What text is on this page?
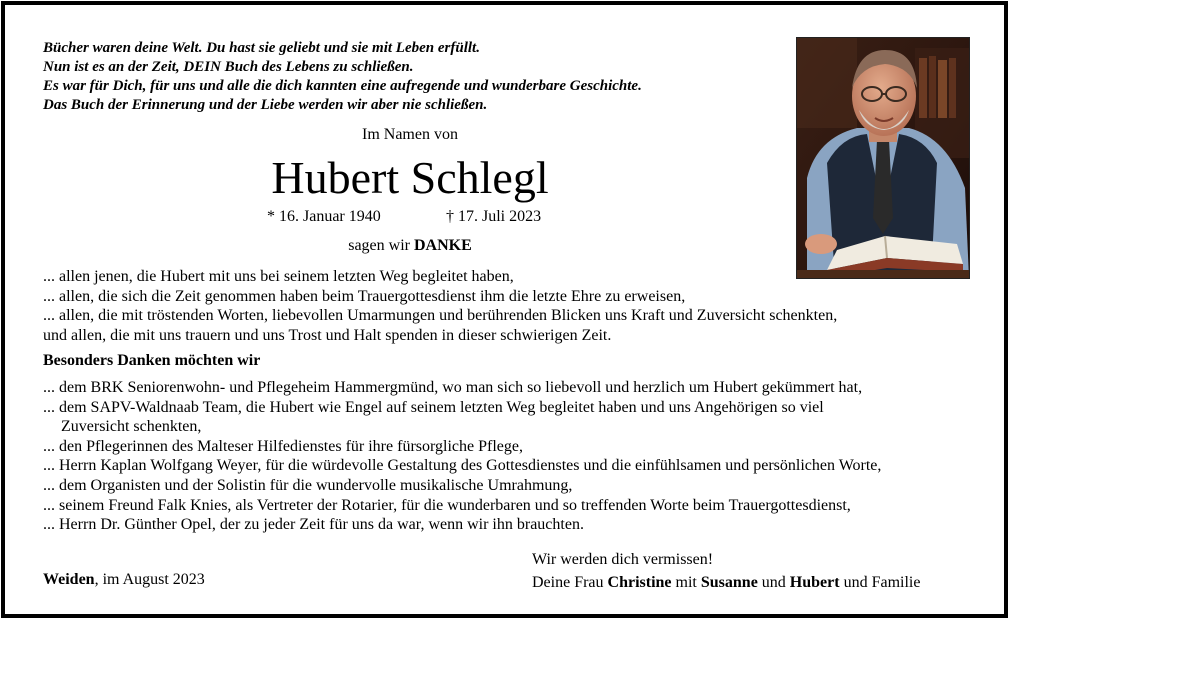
Bücher waren deine Welt. Du hast sie geliebt und sie mit Leben erfüllt.
Nun ist es an der Zeit, DEIN Buch des Lebens zu schließen.
Es war für Dich, für uns und alle die dich kannten eine aufregende und wunderbare Geschichte.
Das Buch der Erinnerung und der Liebe werden wir aber nie schließen.
Im Namen von
Hubert Schlegl
* 16. Januar 1940	† 17. Juli 2023
sagen wir DANKE
... allen jenen, die Hubert mit uns bei seinem letzten Weg begleitet haben,
... allen, die sich die Zeit genommen haben beim Trauergottesdienst ihm die letzte Ehre zu erweisen,
... allen, die mit tröstenden Worten, liebevollen Umarmungen und berührenden Blicken uns Kraft und Zuversicht schenkten,
und allen, die mit uns trauern und uns Trost und Halt spenden in dieser schwierigen Zeit.
Besonders Danken möchten wir
... dem BRK Seniorenwohn- und Pflegeheim Hammergmünd, wo man sich so liebevoll und herzlich um Hubert gekümmert hat,
... dem SAPV-Waldnaab Team, die Hubert wie Engel auf seinem letzten Weg begleitet haben und uns Angehörigen so viel
Zuversicht schenkten,
... den Pflegerinnen des Malteser Hilfedienstes für ihre fürsorgliche Pflege,
... Herrn Kaplan Wolfgang Weyer, für die würdevolle Gestaltung des Gottesdienstes und die einfühlsamen und persönlichen Worte,
... dem Organisten und der Solistin für die wundervolle musikalische Umrahmung,
... seinem Freund Falk Knies, als Vertreter der Rotarier, für die wunderbaren und so treffenden Worte beim Trauergottesdienst,
... Herrn Dr. Günther Opel, der zu jeder Zeit für uns da war, wenn wir ihn brauchten.
Weiden, im August 2023
Wir werden dich vermissen!
Deine Frau Christine mit Susanne und Hubert und Familie
